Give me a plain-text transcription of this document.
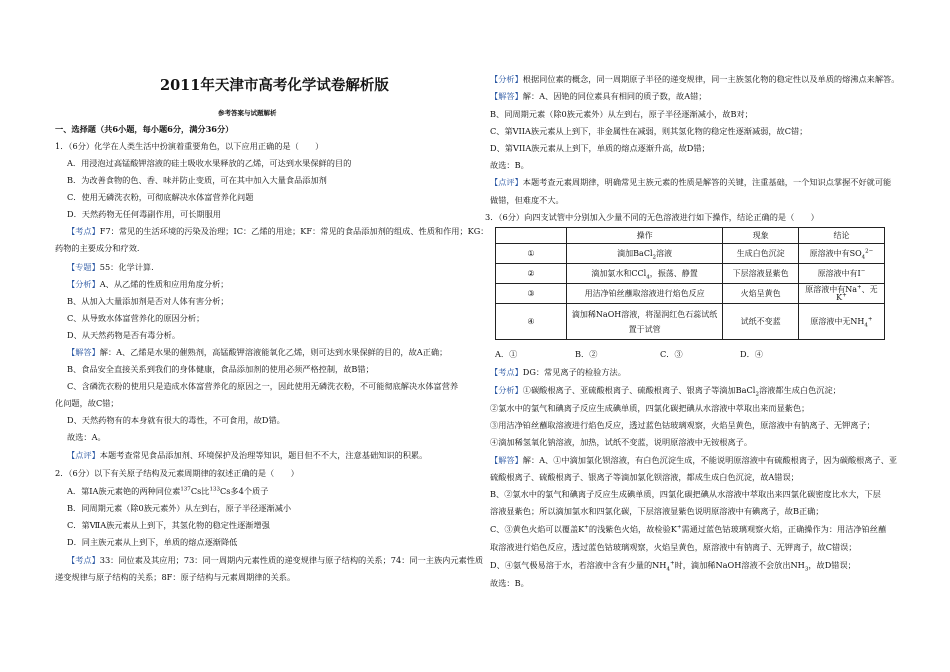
2011年天津市高考化学试卷解析版
参考答案与试题解析
一、选择题（共6小题，每小题6分，满分36分）
1．（6分）化学在人类生活中扮演着重要角色，以下应用正确的是（　　）
A．用浸泡过高锰酸钾溶液的硅土吸收水果释放的乙烯，可达到水果保鲜的目的
B．为改善食物的色、香、味并防止变质，可在其中加入大量食品添加剂
C．使用无磷洗衣粉，可彻底解决水体富营养化问题
D．天然药物无任何毒副作用，可长期服用
【考点】F7：常见的生活环境的污染及治理；IC：乙烯的用途；KF：常见的食品添加剂的组成、性质和作用；KG：
药物的主要成分和疗效.
【专题】55：化学计算.
【分析】A、从乙烯的性质和应用角度分析；
B、从加入大量添加剂是否对人体有害分析；
C、从导致水体富营养化的原因分析；
D、从天然药物是否有毒分析。
【解答】解：A、乙烯是水果的催熟剂，高锰酸钾溶液能氧化乙烯，则可达到水果保鲜的目的，故A正确；
B、食品安全直接关系到我们的身体健康，食品添加剂的使用必须严格控制，故B错；
C、含磷洗衣粉的使用只是造成水体富营养化的原因之一，因此使用无磷洗衣粉，不可能彻底解决水体富营养
化问题，故C错；
D、天然药物有的本身就有很大的毒性，不可食用，故D错。
故选：A。
【点评】本题考查常见食品添加剂、环境保护及治理等知识，题目但不不大，注意基础知识的积累。
2．（6分）以下有关原子结构及元素周期律的叙述正确的是（　　）
A．第IA族元素铯的两种同位素$^{137}$Cs比$^{133}$Cs多4个质子
B．同周期元素（除0族元素外）从左到右，原子半径逐渐减小
C．第ⅦA族元素从上到下，其氢化物的稳定性逐渐增强
D．同主族元素从上到下，单质的熔点逐渐降低
【考点】33：同位素及其应用；73：同一周期内元素性质的递变规律与原子结构的关系；74：同一主族内元素性质
递变规律与原子结构的关系；8F：原子结构与元素周期律的关系。
【分析】根据同位素的概念，同一周期原子半径的递变规律，同一主族氢化物的稳定性以及单质的熔沸点来解答。
【解答】解：A、因铯的同位素具有相同的质子数，故A错；
B、同周期元素（除0族元素外）从左到右，原子半径逐渐减小，故B对；
C、第VIIA族元素从上到下，非金属性在减弱，则其氢化物的稳定性逐渐减弱，故C错；
D、第VIIA族元素从上到下，单质的熔点逐渐升高，故D错；
故选：B。
【点评】本题考查元素周期律，明确常见主族元素的性质是解答的关键，注重基础，一个知识点掌握不好就可能
做错，但难度不大。
3．（6分）向四支试管中分别加入少量不同的无色溶液进行如下操作，结论正确的是（　　）
	操作	现象	结论
①	滴加BaCl$_2$溶液	生成白色沉淀	原溶液中有$SO_4^{2-}$
②	滴加氯水和CCl$_4$，振荡、静置	下层溶液显紫色	原溶液中有I−
③	用洁净铂丝蘸取溶液进行焰色反应	火焰呈黄色	原溶液中有Na+、无K+
④	滴加稀NaOH溶液，将湿润红色石蕊试纸
置于试管	试纸不变蓝	原溶液中无$NH_4^+$
A．①	B．②	C．③	D．④
【考点】DG：常见离子的检验方法。
【分析】①碳酸根离子、亚硫酸根离子、硫酸根离子、银离子等滴加BaCl$_2$溶液都生成白色沉淀；
②氯水中的氯气和碘离子反应生成碘单质，四氯化碳把碘从水溶液中萃取出来而显紫色；
③用洁净铂丝蘸取溶液进行焰色反应，透过蓝色钴玻璃观察，火焰呈黄色，原溶液中有钠离子、无钾离子；
④滴加稀氢氧化钠溶液，加热，试纸不变蓝，说明原溶液中无铵根离子。
【解答】解：A、①中滴加氯化钡溶液，有白色沉淀生成，不能说明原溶液中有硫酸根离子，因为碳酸根离子、亚
硫酸根离子、硫酸根离子、银离子等滴加氯化钡溶液，都成生成白色沉淀，故A错误；
B、②氯水中的氯气和碘离子反应生成碘单质，四氯化碳把碘从水溶液中萃取出来四氯化碳密度比水大，下层
溶液显紫色；所以滴加氯水和四氯化碳，下层溶液显紫色说明原溶液中有碘离子，故B正确；
C、③黄色火焰可以覆盖K+的浅紫色火焰，故检验K+需通过蓝色钴玻璃观察火焰，正确操作为：用洁净铂丝蘸
取溶液进行焰色反应，透过蓝色钴玻璃观察，火焰呈黄色，原溶液中有钠离子、无钾离子，故C错误；
D、④氨气极易溶于水，若溶液中含有少量的$NH_4^+$时，滴加稀NaOH溶液不会放出$NH_3$，故D错误；
故选：B。
